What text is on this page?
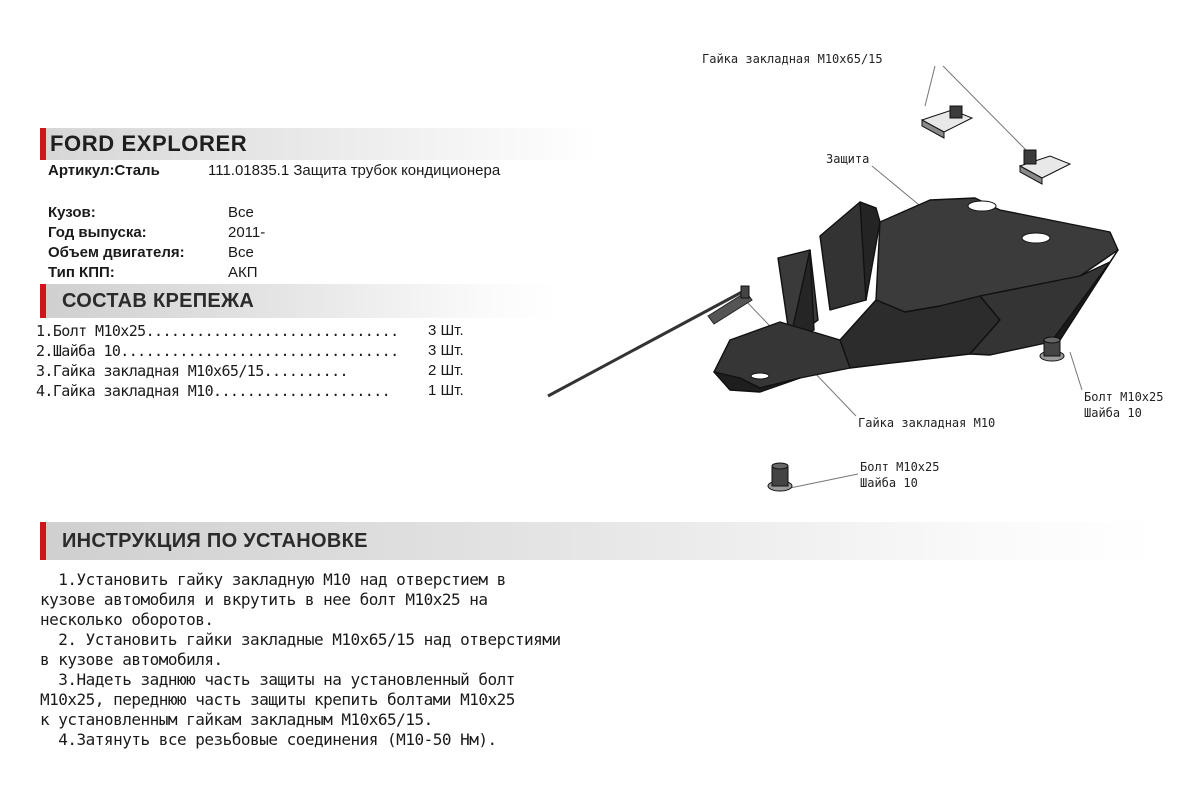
FORD EXPLORER
Артикул:Сталь	111.01835.1 Защита трубок кондиционера
Кузов:	Все
Год выпуска:	2011-
Объем двигателя:	Все
Тип КПП:	АКП
СОСТАВ КРЕПЕЖА
1.Болт М10х25.............................. 3 Шт.
2.Шайба 10................................. 3 Шт.
3.Гайка закладная М10х65/15..........	2 Шт.
4.Гайка закладная М10.....................	1 Шт.
ИНСТРУКЦИЯ ПО УСТАНОВКЕ
1.Установить гайку закладную М10 над отверстием в
кузове автомобиля и вкрутить в нее болт М10х25 на
несколько оборотов.
2. Установить гайки закладные М10х65/15 над отверстиями
в кузове автомобиля.
3.Надеть заднюю часть защиты на установленный болт
М10х25, переднюю часть защиты крепить болтами М10х25
к установленным гайкам закладным М10х65/15.
4.Затянуть все резьбовые соединения (М10-50 Нм).
Гайка закладная М10х65/15
Защита
Гайка закладная М10
Болт М10х25
Шайба 10
Болт М10х25
Шайба 10
